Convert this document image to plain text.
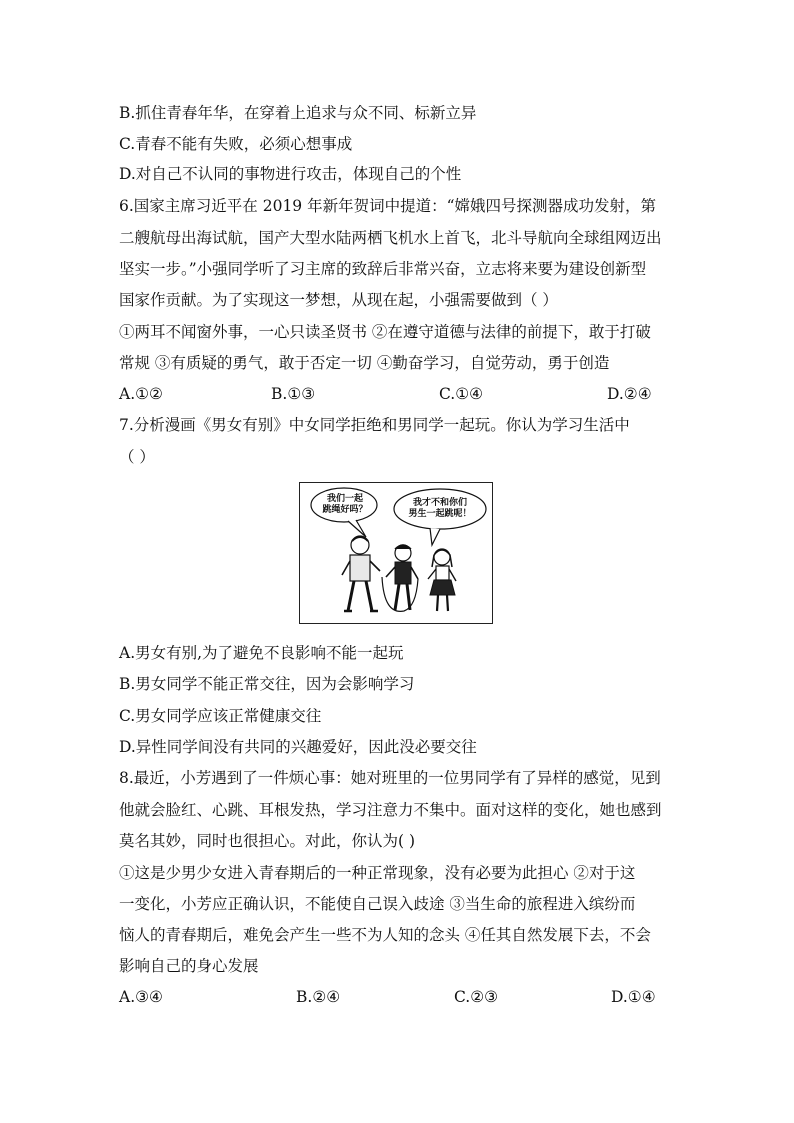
B.抓住青春年华，在穿着上追求与众不同、标新立异
C.青春不能有失败，必须心想事成
D.对自己不认同的事物进行攻击，体现自己的个性
6.国家主席习近平在 2019 年新年贺词中提道：“嫦娥四号探测器成功发射，第
二艘航母出海试航，国产大型水陆两栖飞机水上首飞，北斗导航向全球组网迈出
坚实一步。”小强同学听了习主席的致辞后非常兴奋，立志将来要为建设创新型
国家作贡献。为了实现这一梦想，从现在起，小强需要做到（ ）
①两耳不闻窗外事，一心只读圣贤书 ②在遵守道德与法律的前提下，敢于打破
常规 ③有质疑的勇气，敢于否定一切 ④勤奋学习，自觉劳动，勇于创造
A.①②	B.①③	C.①④	D.②④
7.分析漫画《男女有别》中女同学拒绝和男同学一起玩。你认为学习生活中
（ ）
我们一起
跳绳好吗？
我才不和你们
男生一起跳呢！
A.男女有别,为了避免不良影响不能一起玩
B.男女同学不能正常交往，因为会影响学习
C.男女同学应该正常健康交往
D.异性同学间没有共同的兴趣爱好，因此没必要交往
8.最近，小芳遇到了一件烦心事：她对班里的一位男同学有了异样的感觉，见到
他就会脸红、心跳、耳根发热，学习注意力不集中。面对这样的变化，她也感到
莫名其妙，同时也很担心。对此，你认为( )
①这是少男少女进入青春期后的一种正常现象，没有必要为此担心 ②对于这
一变化，小芳应正确认识，不能使自己误入歧途 ③当生命的旅程进入缤纷而
恼人的青春期后，难免会产生一些不为人知的念头 ④任其自然发展下去，不会
影响自己的身心发展
A.③④	B.②④	C.②③	D.①④
